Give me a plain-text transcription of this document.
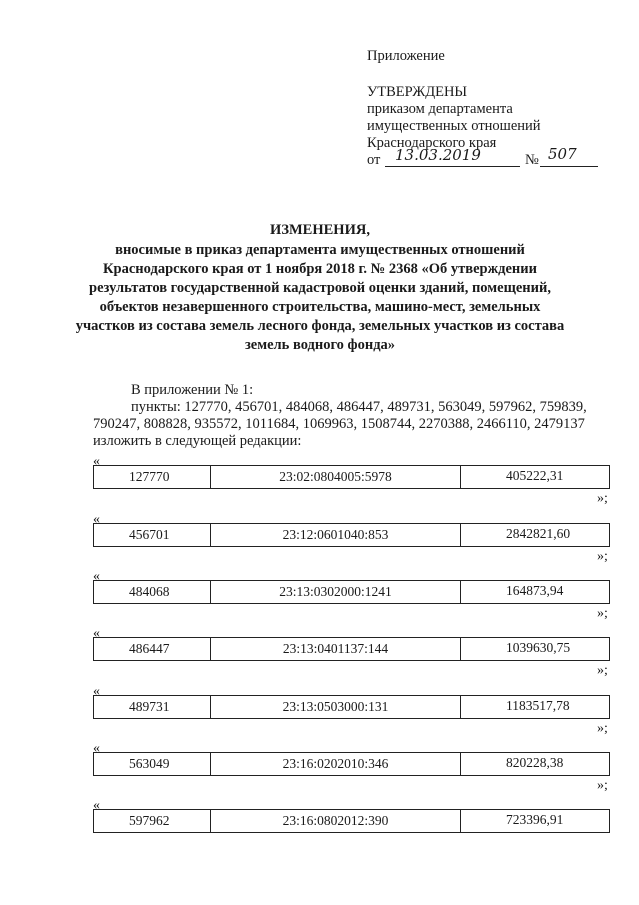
Приложение
УТВЕРЖДЕНЫ
приказом департамента
имущественных отношений
Краснодарского края
от 13.03.2019	№ 507
ИЗМЕНЕНИЯ,
вносимые в приказ департамента имущественных отношений
Краснодарского края от 1 ноября 2018 г. № 2368 «Об утверждении
результатов государственной кадастровой оценки зданий, помещений,
объектов незавершенного строительства, машино-мест, земельных
участков из состава земель лесного фонда, земельных участков из состава
земель водного фонда»
В приложении № 1:
пункты: 127770, 456701, 484068, 486447, 489731, 563049, 597962, 759839,
790247, 808828, 935572, 1011684, 1069963, 1508744, 2270388, 2466110, 2479137
изложить в следующей редакции:
«
127770	23:02:0804005:5978	405222,31
»;
«
456701	23:12:0601040:853	2842821,60
»;
«
484068	23:13:0302000:1241	164873,94
»;
«
486447	23:13:0401137:144	1039630,75
»;
«
489731	23:13:0503000:131	1183517,78
»;
«
563049	23:16:0202010:346	820228,38
»;
«
597962	23:16:0802012:390	723396,91
